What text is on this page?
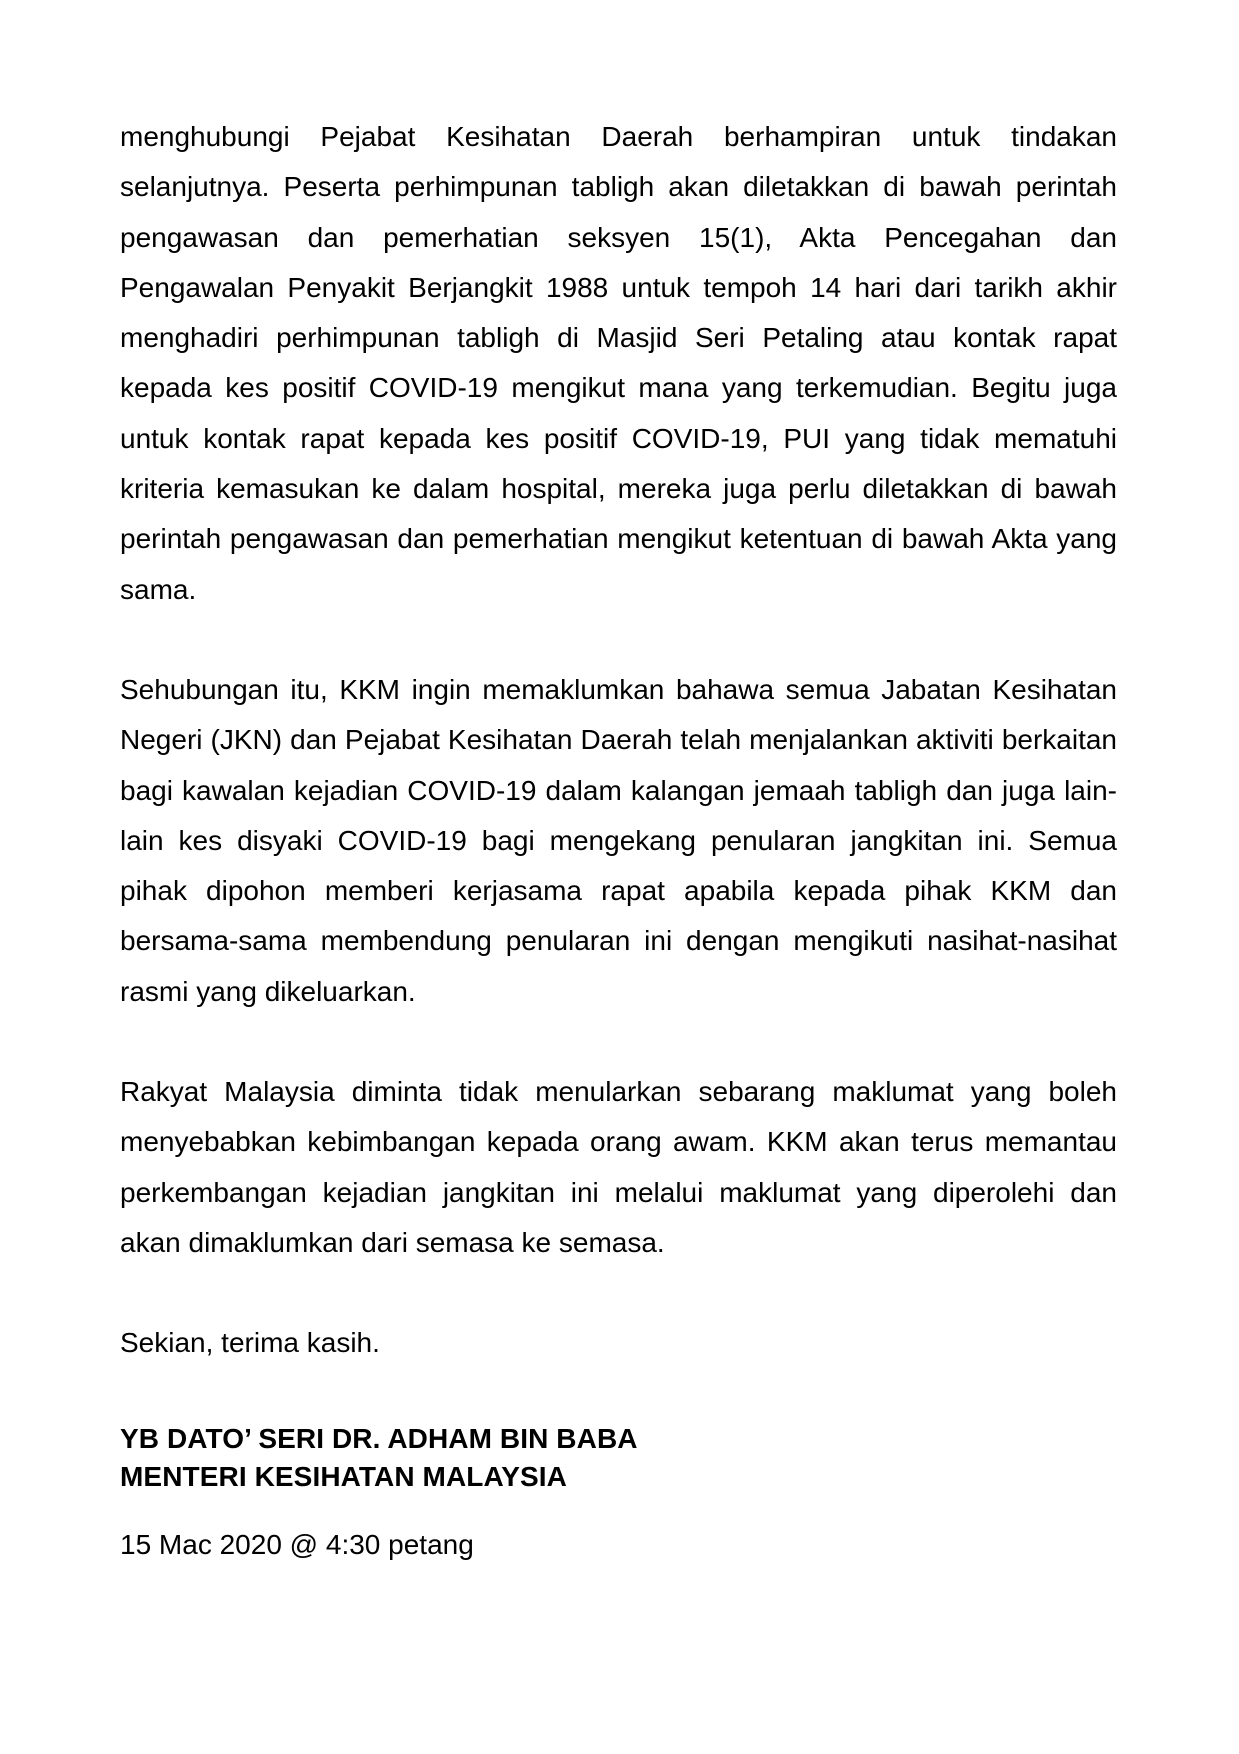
menghubungi Pejabat Kesihatan Daerah berhampiran untuk tindakan selanjutnya. Peserta perhimpunan tabligh akan diletakkan di bawah perintah pengawasan dan pemerhatian seksyen 15(1), Akta Pencegahan dan Pengawalan Penyakit Berjangkit 1988 untuk tempoh 14 hari dari tarikh akhir menghadiri perhimpunan tabligh di Masjid Seri Petaling atau kontak rapat kepada kes positif COVID-19 mengikut mana yang terkemudian. Begitu juga untuk kontak rapat kepada kes positif COVID-19, PUI yang tidak mematuhi kriteria kemasukan ke dalam hospital, mereka juga perlu diletakkan di bawah perintah pengawasan dan pemerhatian mengikut ketentuan di bawah Akta yang sama.

Sehubungan itu, KKM ingin memaklumkan bahawa semua Jabatan Kesihatan Negeri (JKN) dan Pejabat Kesihatan Daerah telah menjalankan aktiviti berkaitan bagi kawalan kejadian COVID-19 dalam kalangan jemaah tabligh dan juga lain-lain kes disyaki COVID-19 bagi mengekang penularan jangkitan ini. Semua pihak dipohon memberi kerjasama rapat apabila kepada pihak KKM dan bersama-sama membendung penularan ini dengan mengikuti nasihat-nasihat rasmi yang dikeluarkan.

Rakyat Malaysia diminta tidak menularkan sebarang maklumat yang boleh menyebabkan kebimbangan kepada orang awam. KKM akan terus memantau perkembangan kejadian jangkitan ini melalui maklumat yang diperolehi dan akan dimaklumkan dari semasa ke semasa.

Sekian, terima kasih.

YB DATO’ SERI DR. ADHAM BIN BABA

MENTERI KESIHATAN MALAYSIA

15 Mac 2020 @ 4:30 petang
